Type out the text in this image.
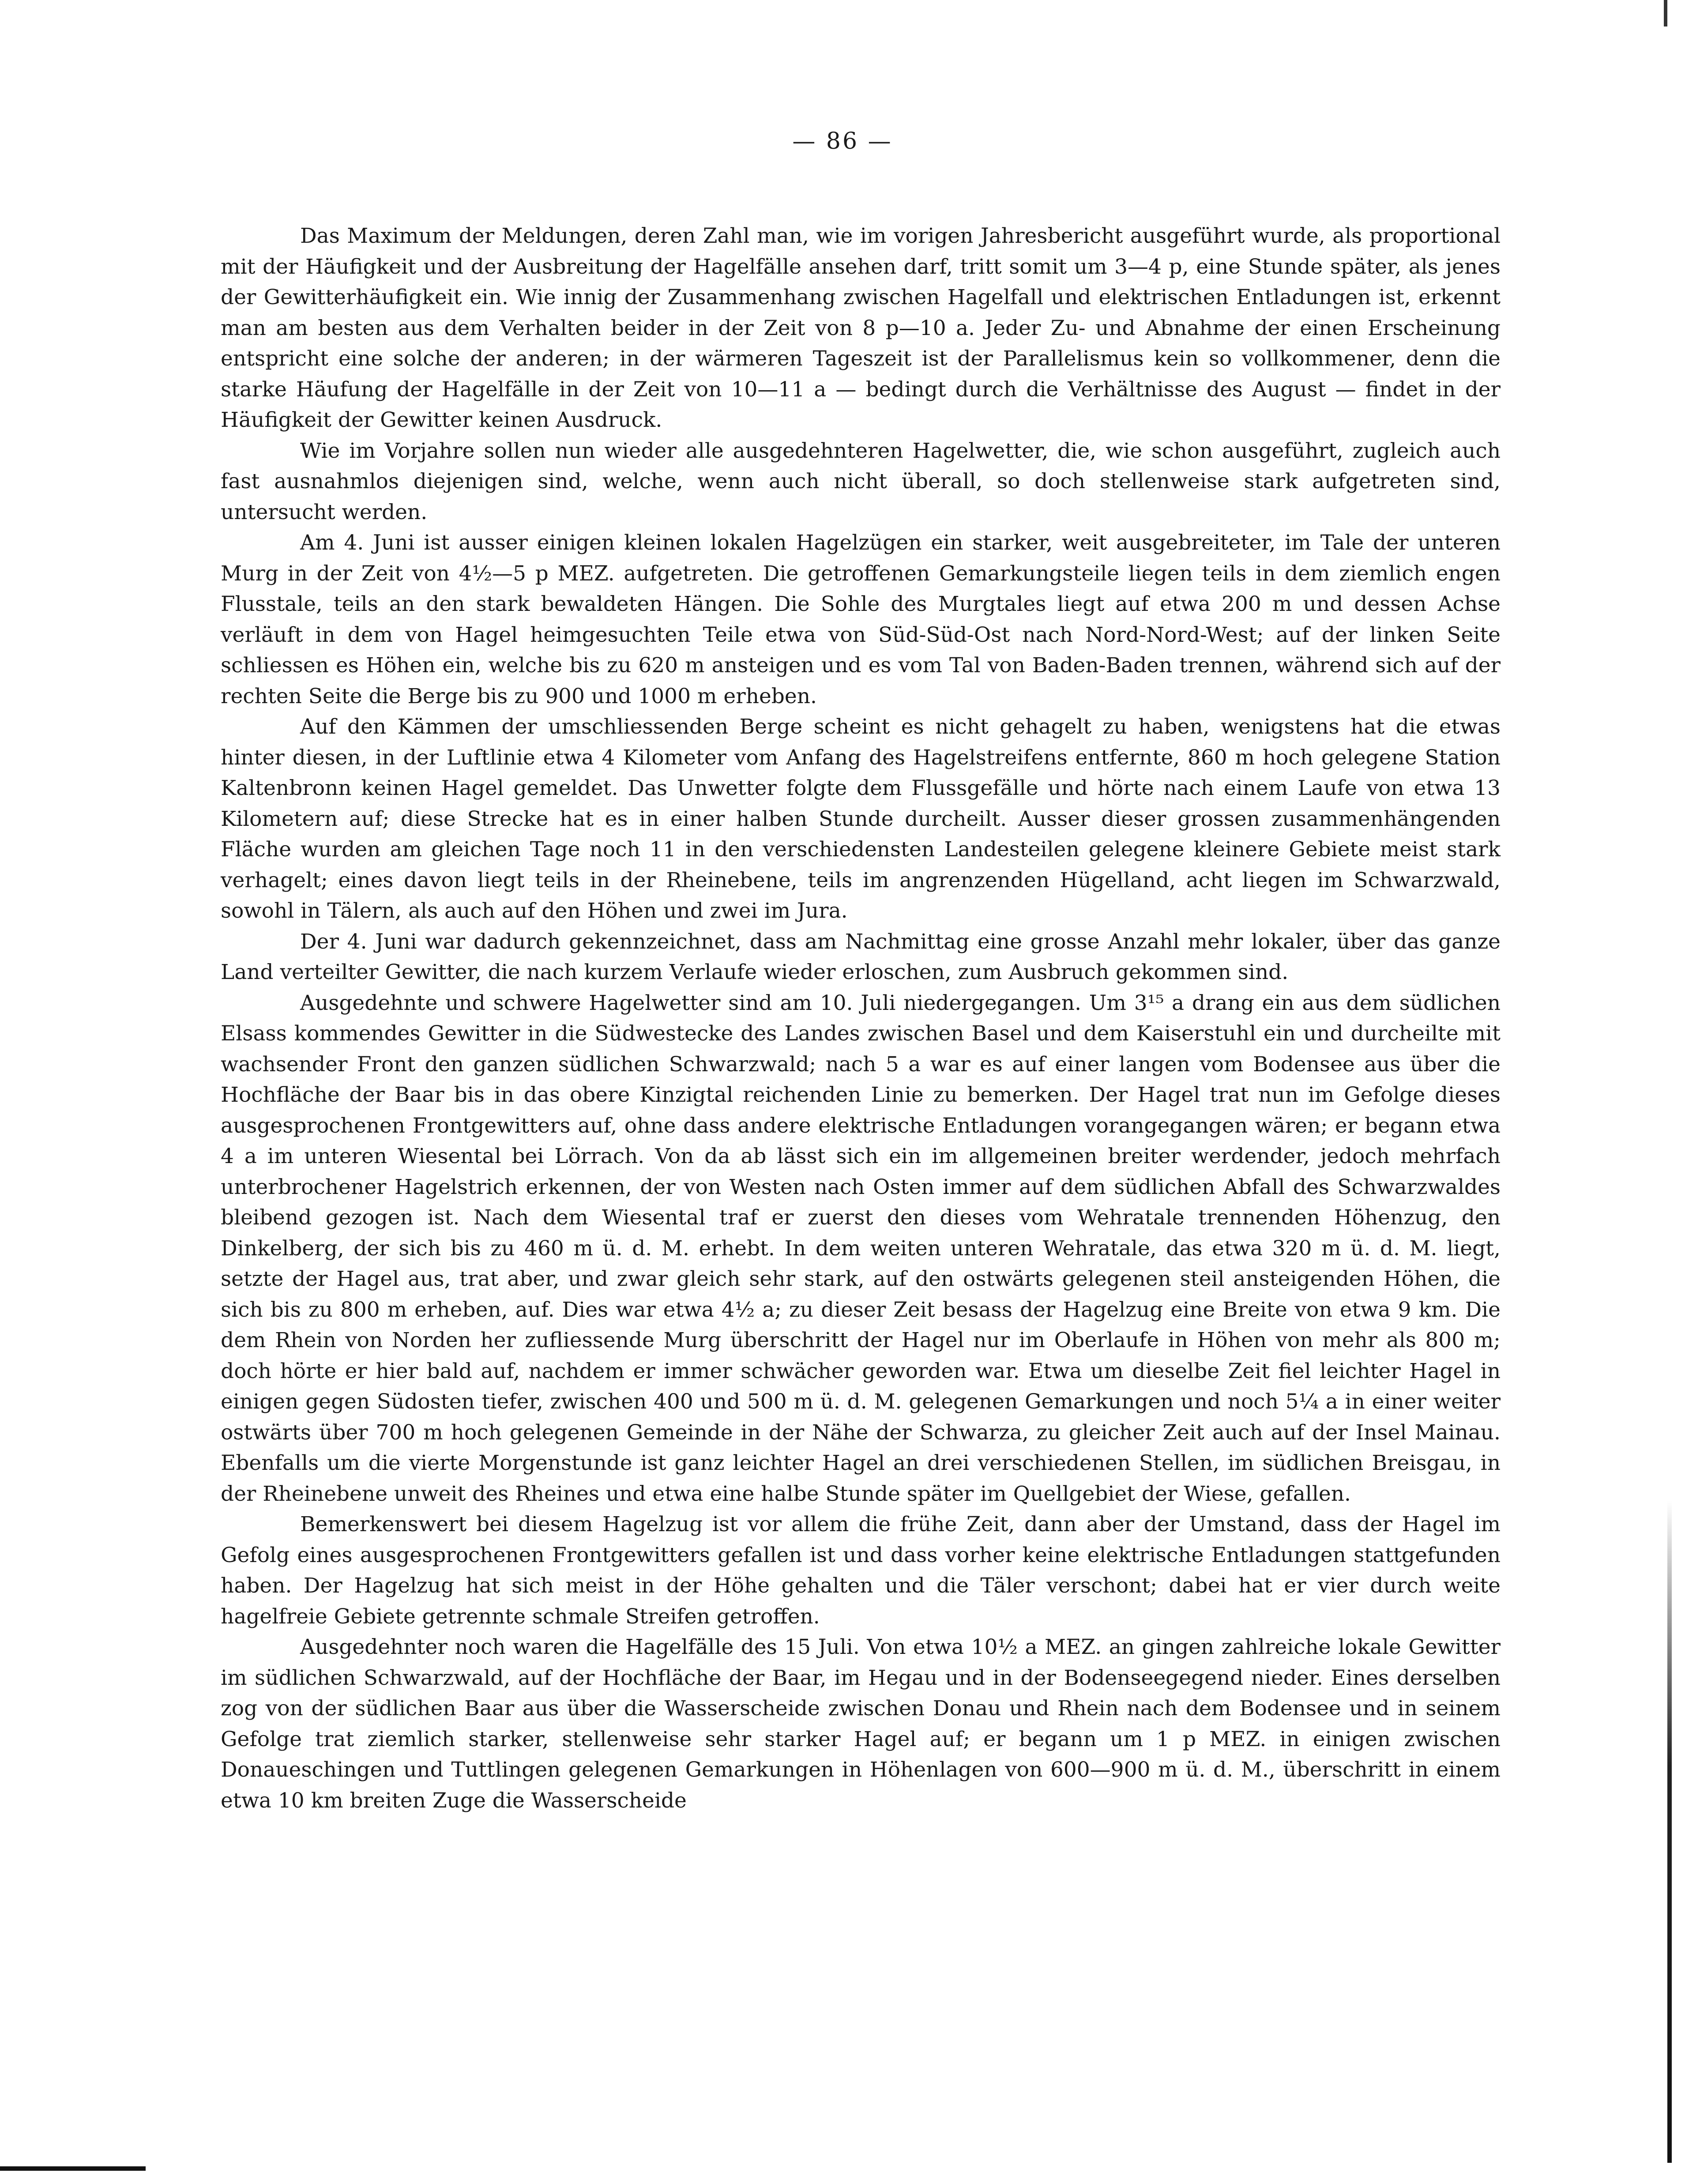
— 86 —

Das Maximum der Meldungen, deren Zahl man, wie im vorigen Jahresbericht ausgeführt wurde, als proportional mit der Häufigkeit und der Ausbreitung der Hagelfälle ansehen darf, tritt somit um 3—4 p, eine Stunde später, als jenes der Gewitterhäufigkeit ein. Wie innig der Zusammenhang zwischen Hagelfall und elektrischen Entladungen ist, erkennt man am besten aus dem Verhalten beider in der Zeit von 8 p—10 a. Jeder Zu- und Abnahme der einen Erscheinung entspricht eine solche der anderen; in der wärmeren Tageszeit ist der Parallelismus kein so vollkommener, denn die starke Häufung der Hagelfälle in der Zeit von 10—11 a — bedingt durch die Verhältnisse des August — findet in der Häufigkeit der Gewitter keinen Ausdruck.

Wie im Vorjahre sollen nun wieder alle ausgedehnteren Hagelwetter, die, wie schon ausgeführt, zugleich auch fast ausnahmlos diejenigen sind, welche, wenn auch nicht überall, so doch stellenweise stark aufgetreten sind, untersucht werden.

Am 4. Juni ist ausser einigen kleinen lokalen Hagelzügen ein starker, weit ausgebreiteter, im Tale der unteren Murg in der Zeit von 4½—5 p MEZ. aufgetreten. Die getroffenen Gemarkungsteile liegen teils in dem ziemlich engen Flusstale, teils an den stark bewaldeten Hängen. Die Sohle des Murgtales liegt auf etwa 200 m und dessen Achse verläuft in dem von Hagel heimgesuchten Teile etwa von Süd-Süd-Ost nach Nord-Nord-West; auf der linken Seite schliessen es Höhen ein, welche bis zu 620 m ansteigen und es vom Tal von Baden-Baden trennen, während sich auf der rechten Seite die Berge bis zu 900 und 1000 m erheben.

Auf den Kämmen der umschliessenden Berge scheint es nicht gehagelt zu haben, wenigstens hat die etwas hinter diesen, in der Luftlinie etwa 4 Kilometer vom Anfang des Hagelstreifens entfernte, 860 m hoch gelegene Station Kaltenbronn keinen Hagel gemeldet. Das Unwetter folgte dem Flussgefälle und hörte nach einem Laufe von etwa 13 Kilometern auf; diese Strecke hat es in einer halben Stunde durcheilt. Ausser dieser grossen zusammenhängenden Fläche wurden am gleichen Tage noch 11 in den verschiedensten Landesteilen gelegene kleinere Gebiete meist stark verhagelt; eines davon liegt teils in der Rheinebene, teils im angrenzenden Hügelland, acht liegen im Schwarzwald, sowohl in Tälern, als auch auf den Höhen und zwei im Jura.

Der 4. Juni war dadurch gekennzeichnet, dass am Nachmittag eine grosse Anzahl mehr lokaler, über das ganze Land verteilter Gewitter, die nach kurzem Verlaufe wieder erloschen, zum Ausbruch gekommen sind.

Ausgedehnte und schwere Hagelwetter sind am 10. Juli niedergegangen. Um 3¹⁵ a drang ein aus dem südlichen Elsass kommendes Gewitter in die Südwestecke des Landes zwischen Basel und dem Kaiserstuhl ein und durcheilte mit wachsender Front den ganzen südlichen Schwarzwald; nach 5 a war es auf einer langen vom Bodensee aus über die Hochfläche der Baar bis in das obere Kinzigtal reichenden Linie zu bemerken. Der Hagel trat nun im Gefolge dieses ausgesprochenen Frontgewitters auf, ohne dass andere elektrische Entladungen vorangegangen wären; er begann etwa 4 a im unteren Wiesental bei Lörrach. Von da ab lässt sich ein im allgemeinen breiter werdender, jedoch mehrfach unterbrochener Hagelstrich erkennen, der von Westen nach Osten immer auf dem südlichen Abfall des Schwarzwaldes bleibend gezogen ist. Nach dem Wiesental traf er zuerst den dieses vom Wehratale trennenden Höhenzug, den Dinkelberg, der sich bis zu 460 m ü. d. M. erhebt. In dem weiten unteren Wehratale, das etwa 320 m ü. d. M. liegt, setzte der Hagel aus, trat aber, und zwar gleich sehr stark, auf den ostwärts gelegenen steil ansteigenden Höhen, die sich bis zu 800 m erheben, auf. Dies war etwa 4½ a; zu dieser Zeit besass der Hagelzug eine Breite von etwa 9 km. Die dem Rhein von Norden her zufliessende Murg überschritt der Hagel nur im Oberlaufe in Höhen von mehr als 800 m; doch hörte er hier bald auf, nachdem er immer schwächer geworden war. Etwa um dieselbe Zeit fiel leichter Hagel in einigen gegen Südosten tiefer, zwischen 400 und 500 m ü. d. M. gelegenen Gemarkungen und noch 5¼ a in einer weiter ostwärts über 700 m hoch gelegenen Gemeinde in der Nähe der Schwarza, zu gleicher Zeit auch auf der Insel Mainau. Ebenfalls um die vierte Morgenstunde ist ganz leichter Hagel an drei verschiedenen Stellen, im südlichen Breisgau, in der Rheinebene unweit des Rheines und etwa eine halbe Stunde später im Quellgebiet der Wiese, gefallen.

Bemerkenswert bei diesem Hagelzug ist vor allem die frühe Zeit, dann aber der Umstand, dass der Hagel im Gefolg eines ausgesprochenen Frontgewitters gefallen ist und dass vorher keine elektrische Entladungen stattgefunden haben. Der Hagelzug hat sich meist in der Höhe gehalten und die Täler verschont; dabei hat er vier durch weite hagelfreie Gebiete getrennte schmale Streifen getroffen.

Ausgedehnter noch waren die Hagelfälle des 15 Juli. Von etwa 10½ a MEZ. an gingen zahlreiche lokale Gewitter im südlichen Schwarzwald, auf der Hochfläche der Baar, im Hegau und in der Bodenseegegend nieder. Eines derselben zog von der südlichen Baar aus über die Wasserscheide zwischen Donau und Rhein nach dem Bodensee und in seinem Gefolge trat ziemlich starker, stellenweise sehr starker Hagel auf; er begann um 1 p MEZ. in einigen zwischen Donaueschingen und Tuttlingen gelegenen Gemarkungen in Höhenlagen von 600—900 m ü. d. M., überschritt in einem etwa 10 km breiten Zuge die Wasserscheide
